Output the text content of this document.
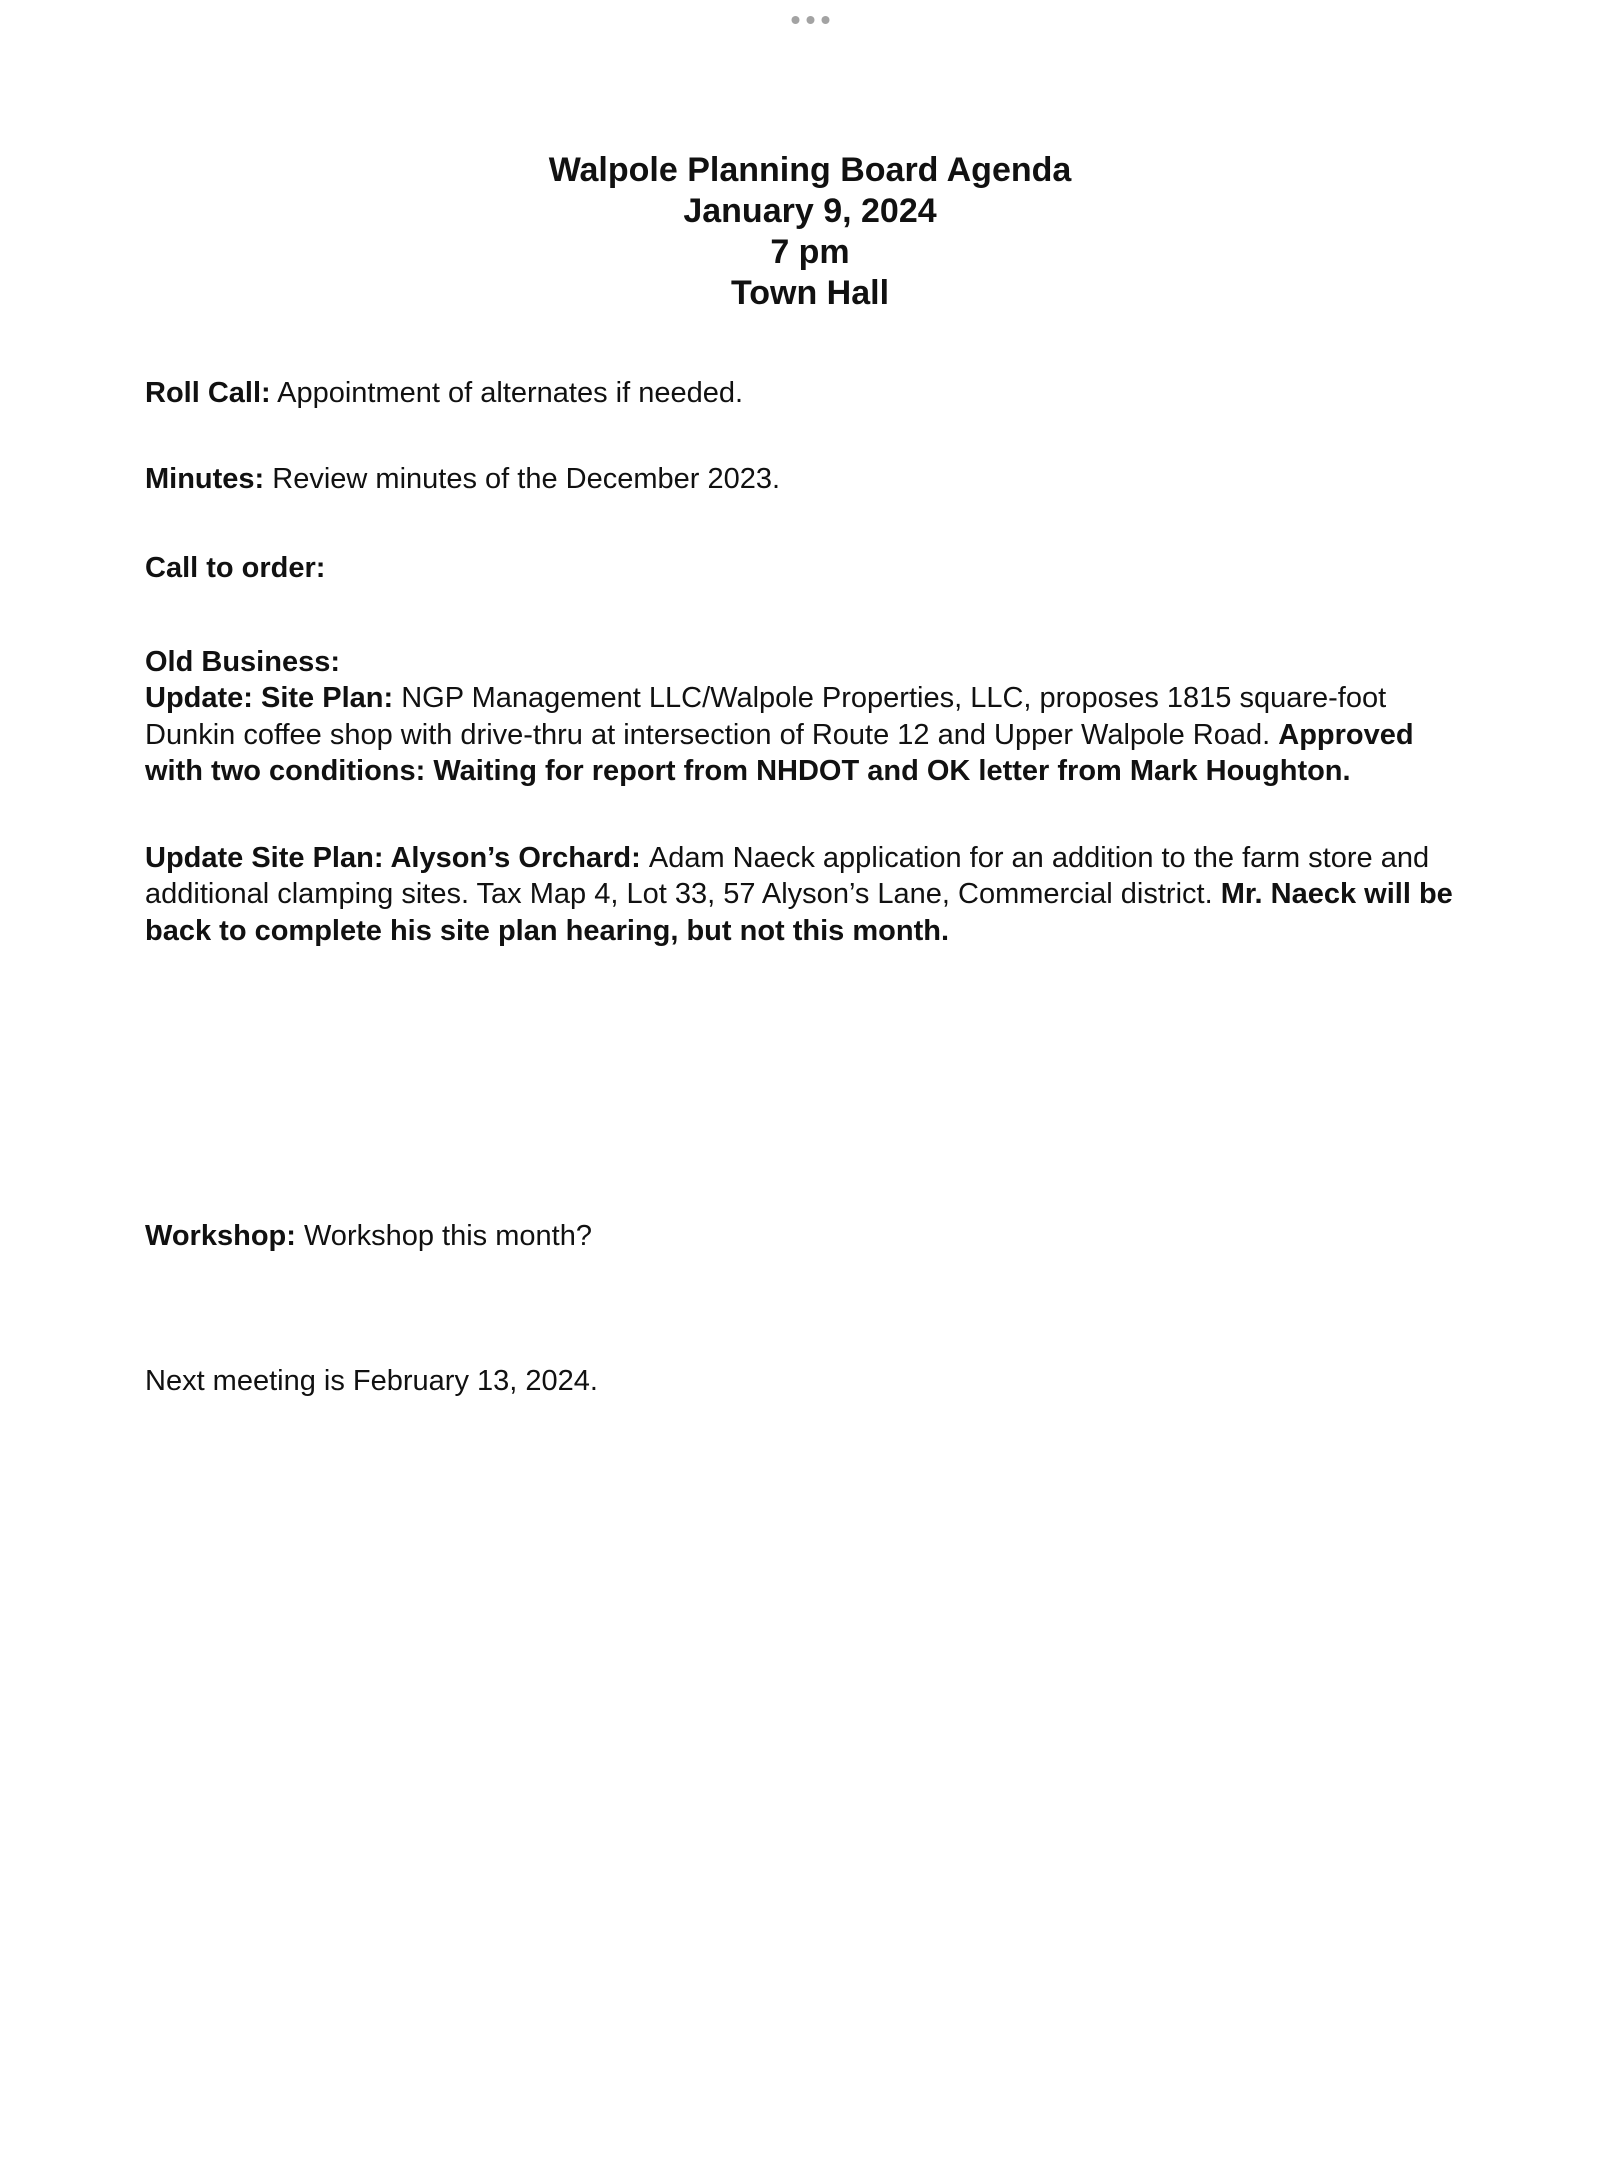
Walpole Planning Board Agenda
January 9, 2024
7 pm
Town Hall

Roll Call: Appointment of alternates if needed.

Minutes: Review minutes of the December 2023.

Call to order:

Old Business:
Update: Site Plan: NGP Management LLC/Walpole Properties, LLC, proposes 1815 square-foot
Dunkin coffee shop with drive-thru at intersection of Route 12 and Upper Walpole Road. Approved
with two conditions: Waiting for report from NHDOT and OK letter from Mark Houghton.
Update Site Plan: Alyson’s Orchard: Adam Naeck application for an addition to the farm store and
additional clamping sites. Tax Map 4, Lot 33, 57 Alyson’s Lane, Commercial district. Mr. Naeck will be
back to complete his site plan hearing, but not this month.

Workshop: Workshop this month?

Next meeting is February 13, 2024.
